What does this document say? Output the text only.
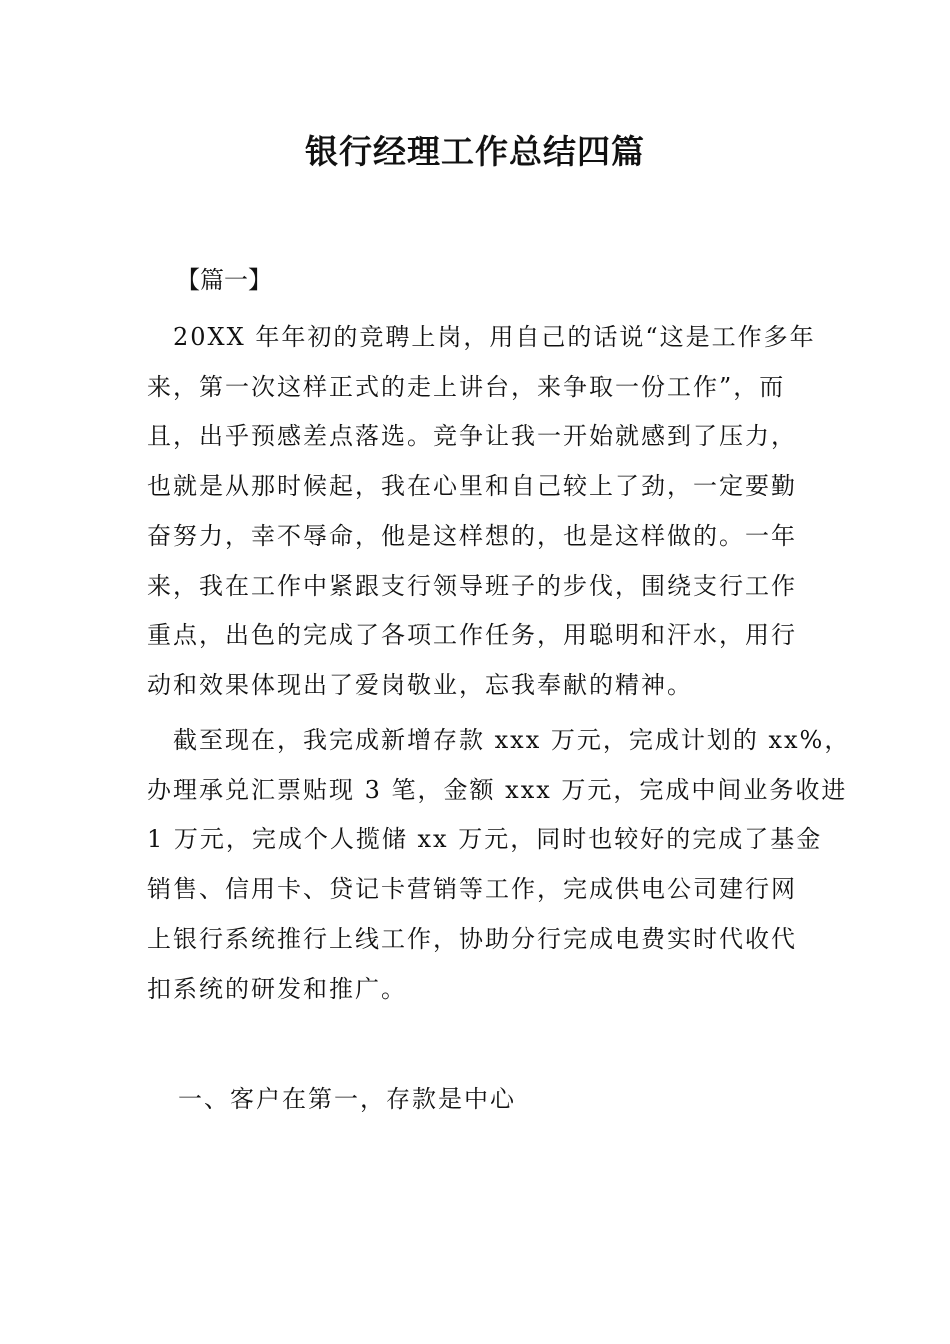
银行经理工作总结四篇
【篇一】
　20XX 年年初的竞聘上岗，用自己的话说“这是工作多年
来，第一次这样正式的走上讲台，来争取一份工作”，而
且，出乎预感差点落选。竞争让我一开始就感到了压力，
也就是从那时候起，我在心里和自己较上了劲，一定要勤
奋努力，幸不辱命，他是这样想的，也是这样做的。一年
来，我在工作中紧跟支行领导班子的步伐，围绕支行工作
重点，出色的完成了各项工作任务，用聪明和汗水，用行
动和效果体现出了爱岗敬业，忘我奉献的精神。
　截至现在，我完成新增存款 xxx 万元，完成计划的 xx%，
办理承兑汇票贴现 3 笔，金额 xxx 万元，完成中间业务收进
1 万元，完成个人揽储 xx 万元，同时也较好的完成了基金
销售、信用卡、贷记卡营销等工作，完成供电公司建行网
上银行系统推行上线工作，协助分行完成电费实时代收代
扣系统的研发和推广。
一、客户在第一，存款是中心
